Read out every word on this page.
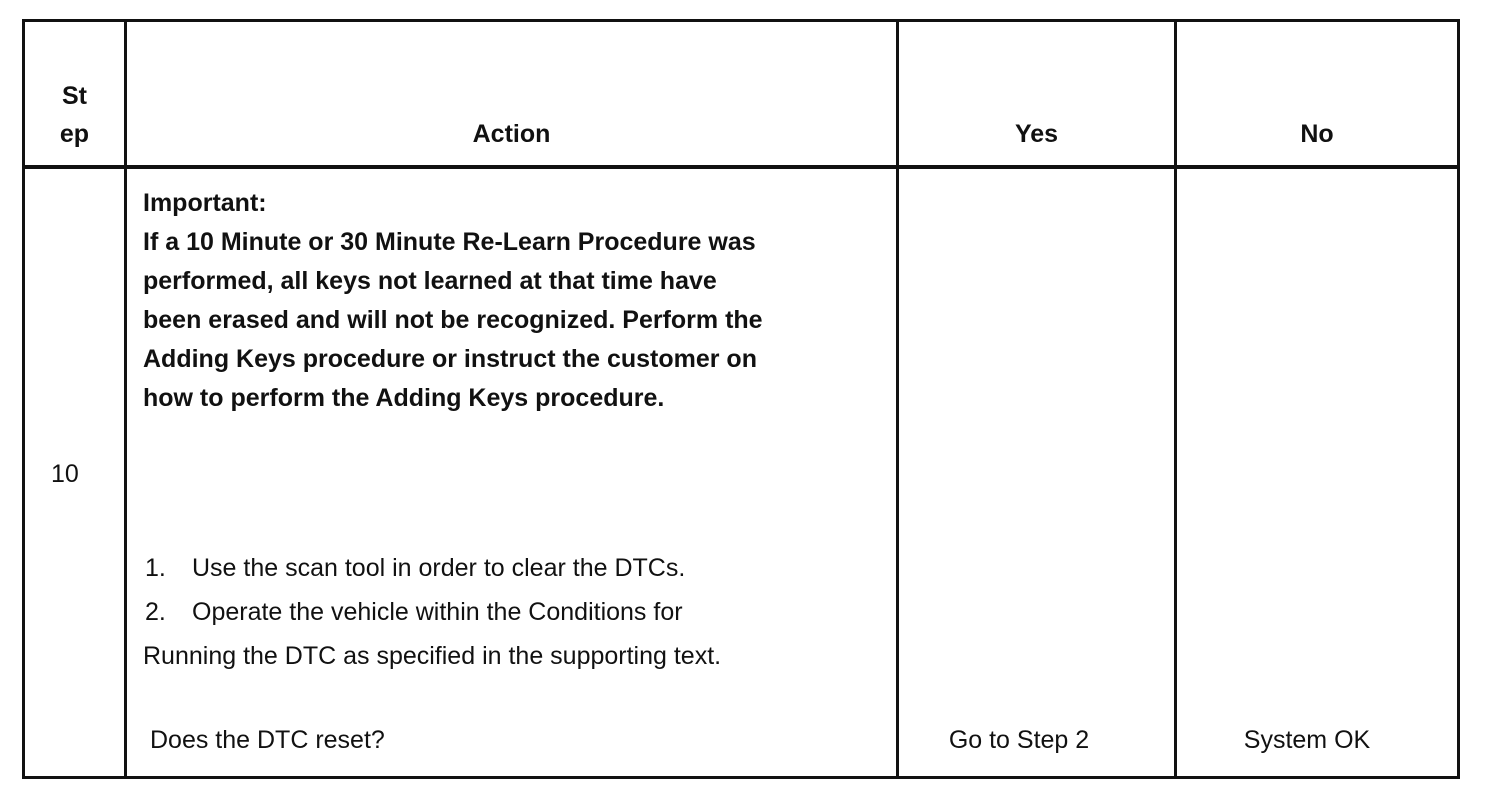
St
ep	Action	Yes	No
10
Important:
If a 10 Minute or 30 Minute Re-Learn Procedure was
performed, all keys not learned at that time have
been erased and will not be recognized. Perform the
Adding Keys procedure or instruct the customer on
how to perform the Adding Keys procedure.
1.	Use the scan tool in order to clear the DTCs.
2.	Operate the vehicle within the Conditions for
Running the DTC as specified in the supporting text.
Does the DTC reset?	Go to Step 2	System OK
